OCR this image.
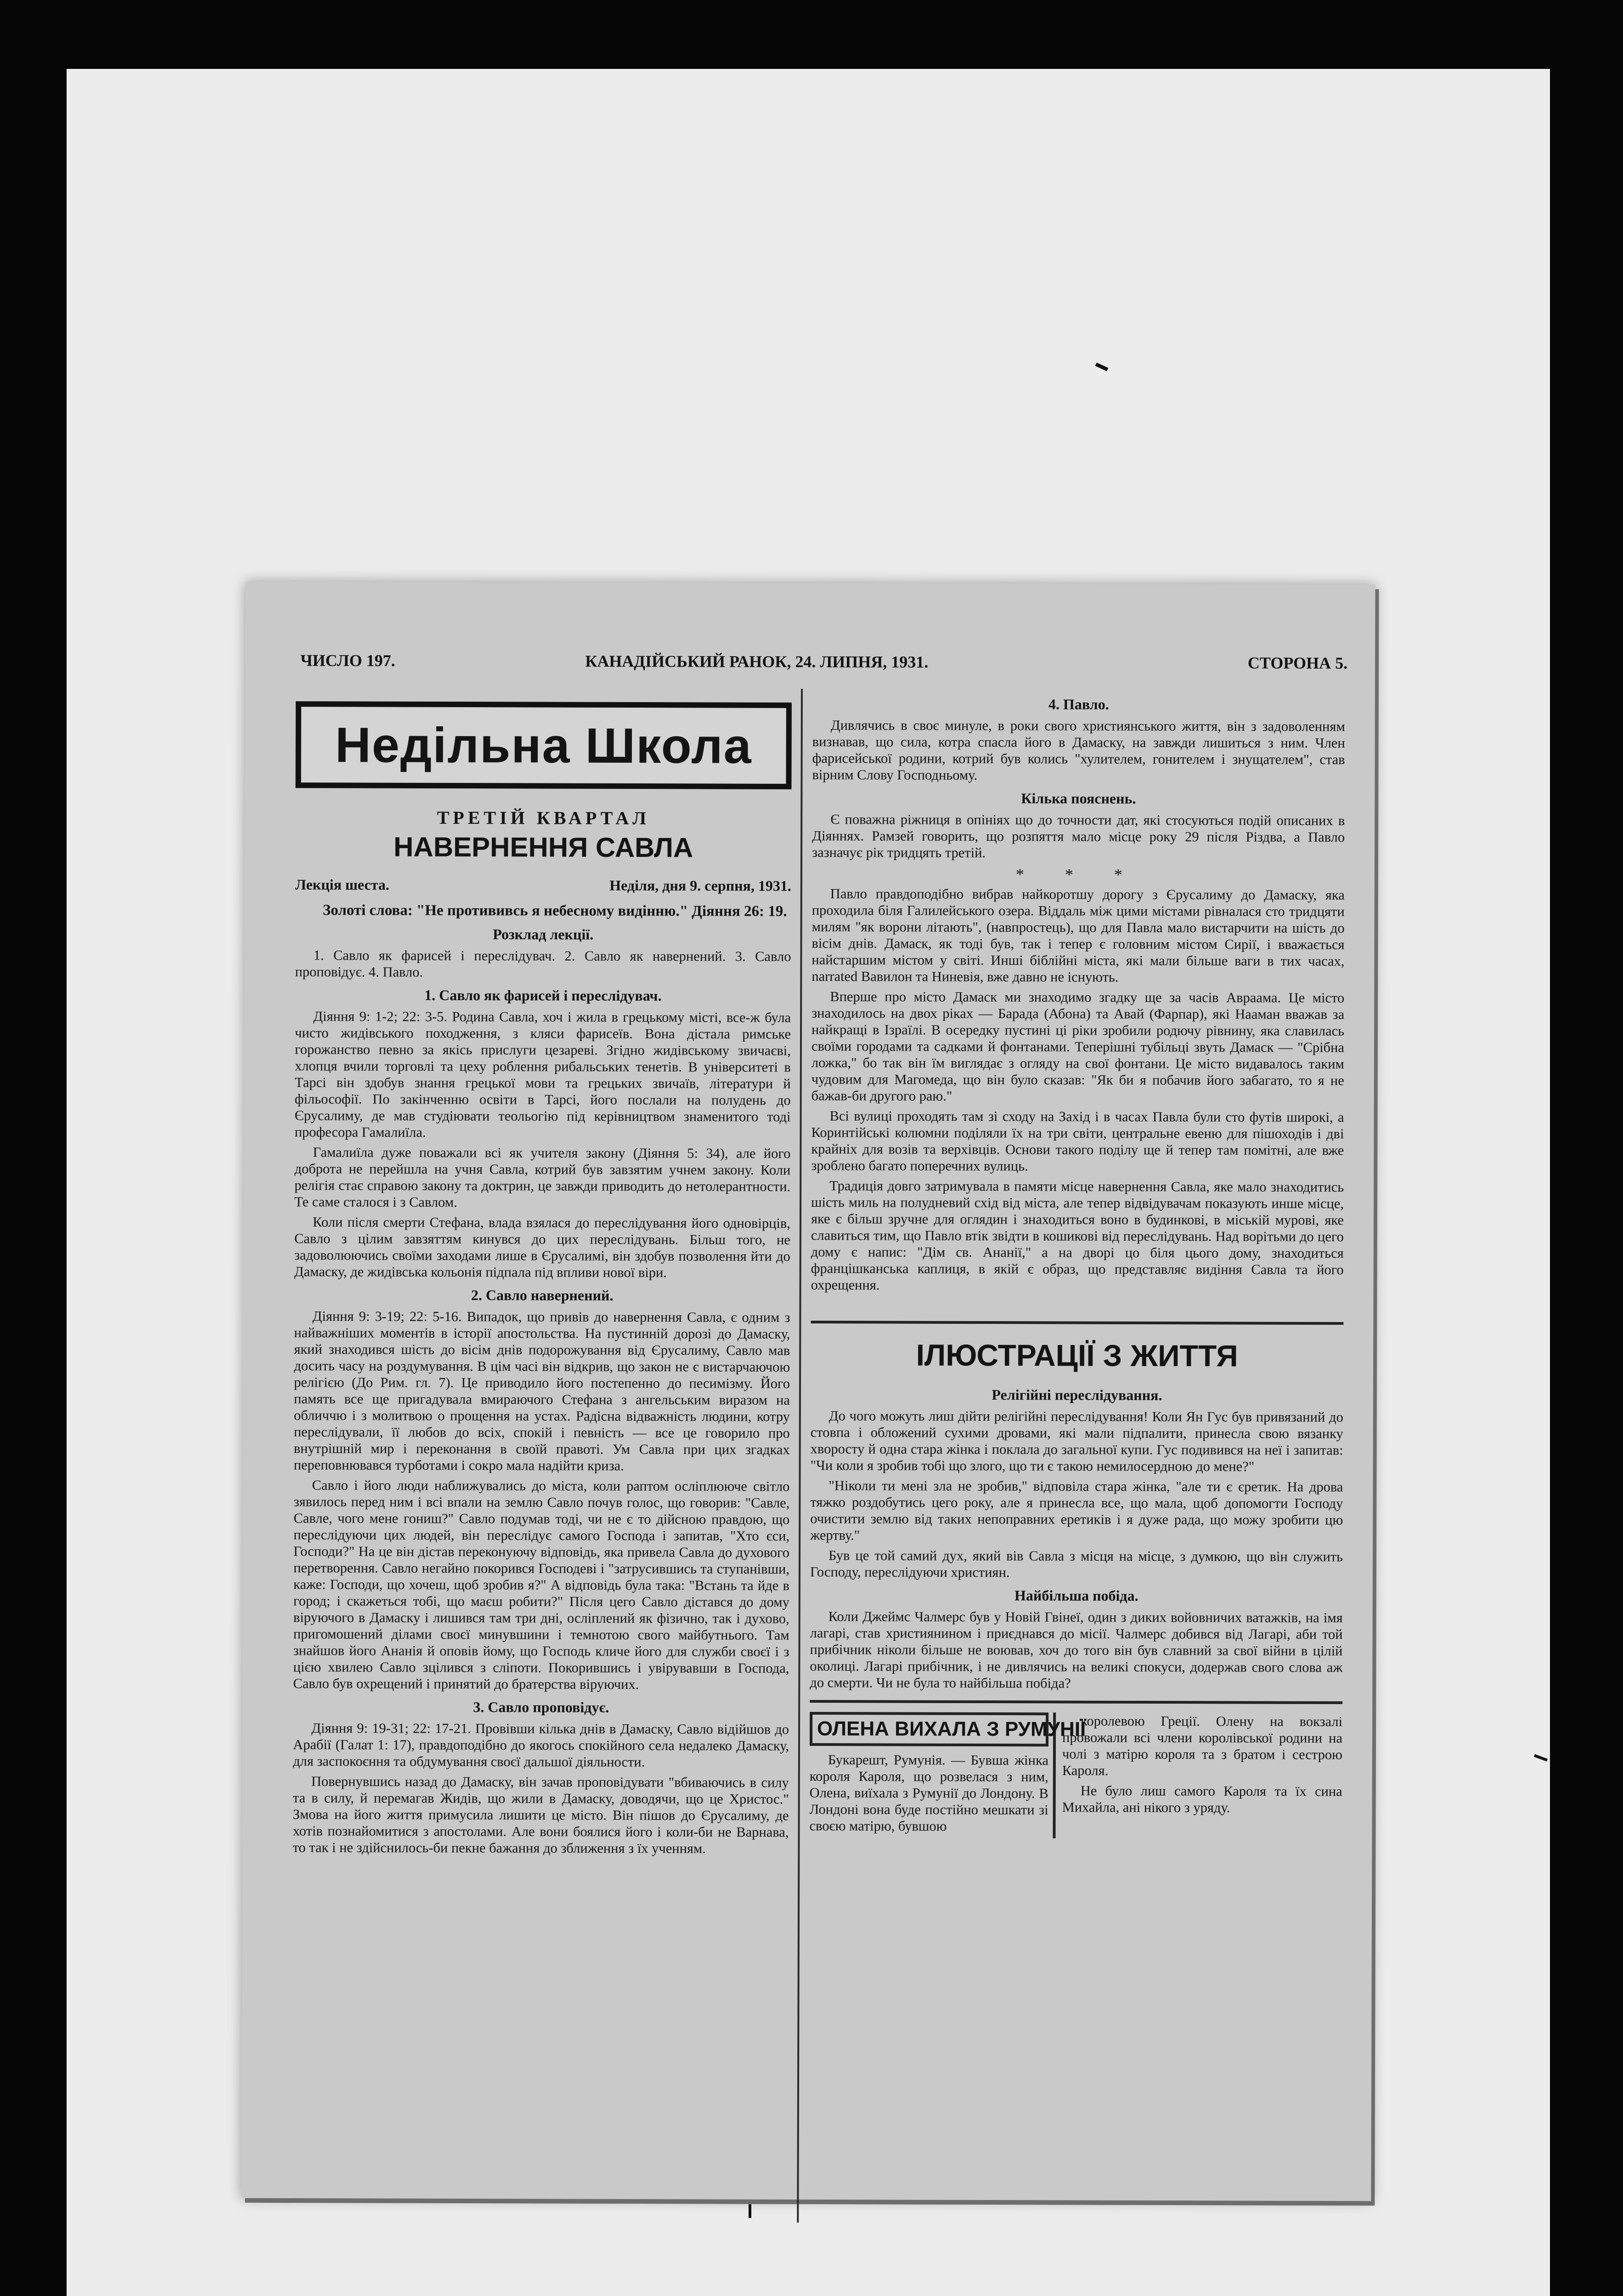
ЧИСЛО 197.	КАНАДІЙСЬКИЙ РАНОК, 24. ЛИПНЯ, 1931.	СТОРОНА 5.
Недільна Школа
ТРЕТІЙ КВАРТАЛ
НАВЕРНЕННЯ САВЛА
Лекція шеста.	Неділя, дня 9. серпня, 1931.

Золоті слова: "Не протививсь я небесному видінню." Діяння 26: 19.

Розклад лекції.

1. Савло як фарисей і переслідувач. 2. Савло як навернений. 3. Савло проповідує. 4. Павло.

1. Савло як фарисей і переслідувач.

Діяння 9: 1-2; 22: 3-5. Родина Савла, хоч і жила в грецькому місті, все-ж була чисто жидівського походження, з кляси фарисеїв. Вона дістала римське горожанство певно за якісь прислуги цезареві. Згідно жидівському звичаєві, хлопця вчили торговлі та цеху роблення рибальських тенетів. В університеті в Тарсі він здобув знання грецької мови та грецьких звичаїв, літератури й фільософії. По закінченню освіти в Тарсі, його послали на полудень до Єрусалиму, де мав студіювати теольогію під керівництвом знаменитого тоді професора Гамалиїла.

Гамалиїла дуже поважали всі як учителя закону (Діяння 5: 34), але його доброта не перейшла на учня Савла, котрий був завзятим учнем закону. Коли релігія стає справою закону та доктрин, це завжди приводить до нетолерантности. Те саме сталося і з Савлом.

Коли після смерти Стефана, влада взялася до переслідування його одновірців, Савло з цілим завзяттям кинувся до цих переслідувань. Більш того, не задоволюючись своїми заходами лише в Єрусалимі, він здобув позволення йти до Дамаску, де жидівська кольонія підпала під впливи нової віри.

2. Савло навернений.

Діяння 9: 3-19; 22: 5-16. Випадок, що привів до навернення Савла, є одним з найважніших моментів в історії апостольства. На пустинній дорозі до Дамаску, який знаходився шість до вісім днів подорожування від Єрусалиму, Савло мав досить часу на роздумування. В цім часі він відкрив, що закон не є вистарчаючою релігією (До Рим. гл. 7). Це приводило його постепенно до песимізму. Його память все ще пригадувала вмираючого Стефана з ангельським виразом на обличчю і з молитвою о прощення на устах. Радісна відважність людини, котру переслідували, її любов до всіх, спокій і певність — все це говорило про внутрішній мир і переконання в своїй правоті. Ум Савла при цих згадках переповнювався турботами і сокро мала надійти криза.

Савло і його люди наближувались до міста, коли раптом осліплююче світло зявилось перед ним і всі впали на землю Савло почув голос, що говорив: "Савле, Савле, чого мене гониш?" Савло подумав тоді, чи не є то дійсною правдою, що переслідуючи цих людей, він переслідує самого Господа і запитав, "Хто єси, Господи?" На це він дістав переконуючу відповідь, яка привела Савла до духового перетворення. Савло негайно покорився Господеві і "затрусившись та ступанівши, каже: Господи, що хочеш, щоб зробив я?" А відповідь була така: "Встань та йде в город; і скажеться тобі, що маєш робити?" Після цего Савло дістався до дому віруючого в Дамаску і лишився там три дні, осліплений як фізично, так і духово, пригомошений ділами своєї минувшини і темнотою свого майбутнього. Там знайшов його Ананія й оповів йому, що Господь кличе його для служби своєї і з цією хвилею Савло зцілився з сліпоти. Покорившись і увірувавши в Господа, Савло був охрещений і принятий до братерства віруючих.

3. Савло проповідує.

Діяння 9: 19-31; 22: 17-21. Провівши кілька днів в Дамаску, Савло відійшов до Арабії (Галат 1: 17), правдоподібно до якогось спокійного села недалеко Дамаску, для заспокоєння та обдумування своєї дальшої діяльности.

Повернувшись назад до Дамаску, він зачав проповідувати "вбиваючись в силу та в силу, й перемагав Жидів, що жили в Дамаску, доводячи, що це Христос." Змова на його життя примусила лишити це місто. Він пішов до Єрусалиму, де хотів познайомитися з апостолами. Але вони боялися його і коли-би не Варнава, то так і не здійснилось-би пекне бажання до зближення з їх ученням.

4. Павло.

Дивлячись в своє минуле, в роки свого християнського життя, він з задоволенням визнавав, що сила, котра спасла його в Дамаску, на завжди лишиться з ним. Член фарисейської родини, котрий був колись "хулителем, гонителем і знущателем", став вірним Слову Господньому.

Кілька пояснень.

Є поважна ріжниця в опініях що до точности дат, які стосуються подій описаних в Діяннях. Рамзей говорить, що розпяття мало місце року 29 після Різдва, а Павло зазначує рік тридцять третій.

* * *

Павло правдоподібно вибрав найкоротшу дорогу з Єрусалиму до Дамаску, яка проходила біля Галилейського озера. Віддаль між цими містами рівналася сто тридцяти милям "як ворони літають", (навпростець), що для Павла мало вистарчити на шість до вісім днів. Дамаск, як тоді був, так і тепер є головним містом Сирії, і вважається найстаршим містом у світі. Инші біблійні міста, які мали більше ваги в тих часах, narrated Вавилон та Ниневія, вже давно не існують.

Вперше про місто Дамаск ми знаходимо згадку ще за часів Авраама. Це місто знаходилось на двох ріках — Барада (Абона) та Авай (Фарпар), які Нааман вважав за найкращі в Ізраїлі. В осередку пустині ці ріки зробили родючу рівнину, яка славилась своїми городами та садками й фонтанами. Теперішні тубільці звуть Дамаск — "Срібна ложка," бо так він їм виглядає з огляду на свої фонтани. Це місто видавалось таким чудовим для Магомеда, що він було сказав: "Як би я побачив його забагато, то я не бажав-би другого раю."

Всі вулиці проходять там зі сходу на Захід і в часах Павла були сто футів широкі, а Коринтійські колюмни поділяли їх на три світи, центральне евеню для пішоходів і дві крайніх для возів та верхівців. Основи такого поділу ще й тепер там помітні, але вже зроблено багато поперечних вулиць.

Традиція довго затримувала в памяти місце навернення Савла, яке мало знаходитись шість миль на полудневий схід від міста, але тепер відвідувачам показують инше місце, яке є більш зручне для оглядин і знаходиться воно в будинкові, в міській мурові, яке славиться тим, що Павло втік звідти в кошикові від переслідувань. Над ворітьми до цего дому є напис: "Дім св. Ананії," а на дворі цо біля цього дому, знаходиться францішканська каплиця, в якій є образ, що представляє видіння Савла та його охрещення.

ІЛЮСТРАЦІЇ З ЖИТТЯ
Релігійні переслідування.

До чого можуть лиш дійти релігійні переслідування! Коли Ян Гус був привязаний до стовпа і обложений сухими дровами, які мали підпалити, принесла свою вязанку хворосту й одна стара жінка і поклала до загальної купи. Гус подивився на неї і запитав: "Чи коли я зробив тобі що злого, що ти є такою немилосердною до мене?"

"Ніколи ти мені зла не зробив," відповіла стара жінка, "але ти є єретик. На дрова тяжко роздобутись цего року, але я принесла все, що мала, щоб допомогти Господу очистити землю від таких непоправних еретиків і я дуже рада, що можу зробити цю жертву."

Був це той самий дух, який вів Савла з місця на місце, з думкою, що він служить Господу, переслідуючи християн.

Найбільша побіда.

Коли Джеймс Чалмерс був у Новій Гвінеї, один з диких войовничих ватажків, на імя лагарі, став християнином і приєднався до місії. Чалмерс добився від Лагарі, аби той прибічник ніколи більше не воював, хоч до того він був славний за свої війни в цілій околиці. Лагарі прибічник, і не дивлячись на великі спокуси, додержав свого слова аж до смерти. Чи не була то найбільша побіда?

ОЛЕНА ВИХАЛА З РУМУНІЇ

Букарешт, Румунія. — Бувша жінка короля Кароля, що розвелася з ним, Олена, виїхала з Румунії до Лондону. В Лондоні вона буде постійно мешкати зі своєю матірю, бувшою

королевою Греції. Олену на вокзалі провожали всі члени королівської родини на чолі з матірю короля та з братом і сестрою Кароля.

Не було лиш самого Кароля та їх сина Михайла, ані нікого з уряду.
